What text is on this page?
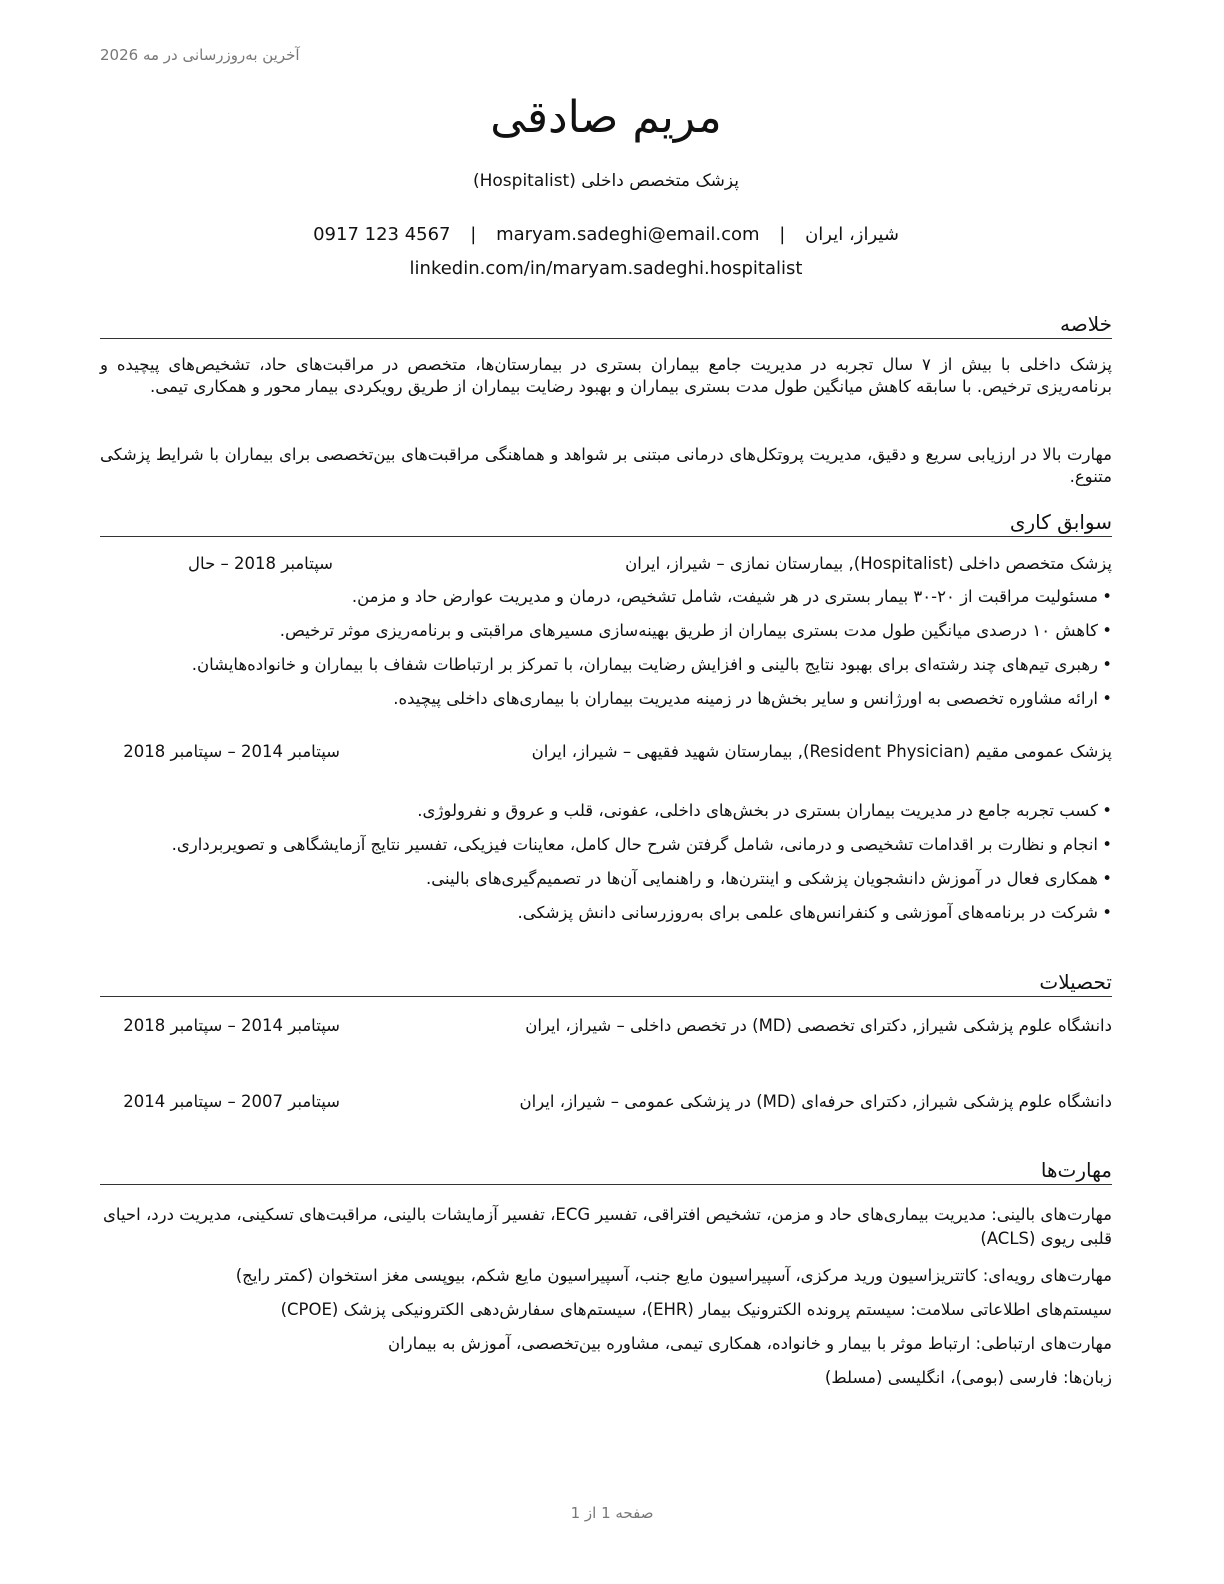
آخرین به‌روزرسانی در مه 2026
مریم صادقی
پزشک متخصص داخلی (Hospitalist)
شیراز، ایران | maryam.sadeghi@email.com | 0917 123 4567
linkedin.com/in/maryam.sadeghi.hospitalist
خلاصه
پزشک داخلی با بیش از ۷ سال تجربه در مدیریت جامع بیماران بستری در بیمارستان‌ها، متخصص در مراقبت‌های حاد، تشخیص‌های پیچیده و برنامه‌ریزی ترخیص. با سابقه کاهش میانگین طول مدت بستری بیماران و بهبود رضایت بیماران از طریق رویکردی بیمار محور و همکاری تیمی.
مهارت بالا در ارزیابی سریع و دقیق، مدیریت پروتکل‌های درمانی مبتنی بر شواهد و هماهنگی مراقبت‌های بین‌تخصصی برای بیماران با شرایط پزشکی متنوع.
سوابق کاری
پزشک متخصص داخلی (Hospitalist), بیمارستان نمازی – شیراز، ایران
سپتامبر 2018 – حال
• مسئولیت مراقبت از ۲۰-۳۰ بیمار بستری در هر شیفت، شامل تشخیص، درمان و مدیریت عوارض حاد و مزمن.
• کاهش ۱۰ درصدی میانگین طول مدت بستری بیماران از طریق بهینه‌سازی مسیرهای مراقبتی و برنامه‌ریزی موثر ترخیص.
• رهبری تیم‌های چند رشته‌ای برای بهبود نتایج بالینی و افزایش رضایت بیماران، با تمرکز بر ارتباطات شفاف با بیماران و خانواده‌هایشان.
• ارائه مشاوره تخصصی به اورژانس و سایر بخش‌ها در زمینه مدیریت بیماران با بیماری‌های داخلی پیچیده.
پزشک عمومی مقیم (Resident Physician), بیمارستان شهید فقیهی – شیراز، ایران
سپتامبر 2014 – سپتامبر 2018
• کسب تجربه جامع در مدیریت بیماران بستری در بخش‌های داخلی، عفونی، قلب و عروق و نفرولوژی.
• انجام و نظارت بر اقدامات تشخیصی و درمانی، شامل گرفتن شرح حال کامل، معاینات فیزیکی، تفسیر نتایج آزمایشگاهی و تصویربرداری.
• همکاری فعال در آموزش دانشجویان پزشکی و اینترن‌ها، و راهنمایی آن‌ها در تصمیم‌گیری‌های بالینی.
• شرکت در برنامه‌های آموزشی و کنفرانس‌های علمی برای به‌روزرسانی دانش پزشکی.
تحصیلات
دانشگاه علوم پزشکی شیراز, دکترای تخصصی (MD) در تخصص داخلی – شیراز، ایران
سپتامبر 2014 – سپتامبر 2018
دانشگاه علوم پزشکی شیراز, دکترای حرفه‌ای (MD) در پزشکی عمومی – شیراز، ایران
سپتامبر 2007 – سپتامبر 2014
مهارت‌ها
مهارت‌های بالینی: مدیریت بیماری‌های حاد و مزمن، تشخیص افتراقی، تفسیر ECG، تفسیر آزمایشات بالینی، مراقبت‌های تسکینی، مدیریت درد، احیای قلبی ریوی (ACLS)
مهارت‌های رویه‌ای: کاتتریزاسیون ورید مرکزی، آسپیراسیون مایع جنب، آسپیراسیون مایع شکم، بیوپسی مغز استخوان (کمتر رایج)
سیستم‌های اطلاعاتی سلامت: سیستم پرونده الکترونیک بیمار (EHR)، سیستم‌های سفارش‌دهی الکترونیکی پزشک (CPOE)
مهارت‌های ارتباطی: ارتباط موثر با بیمار و خانواده، همکاری تیمی، مشاوره بین‌تخصصی، آموزش به بیماران
زبان‌ها: فارسی (بومی)، انگلیسی (مسلط)
صفحه 1 از 1
